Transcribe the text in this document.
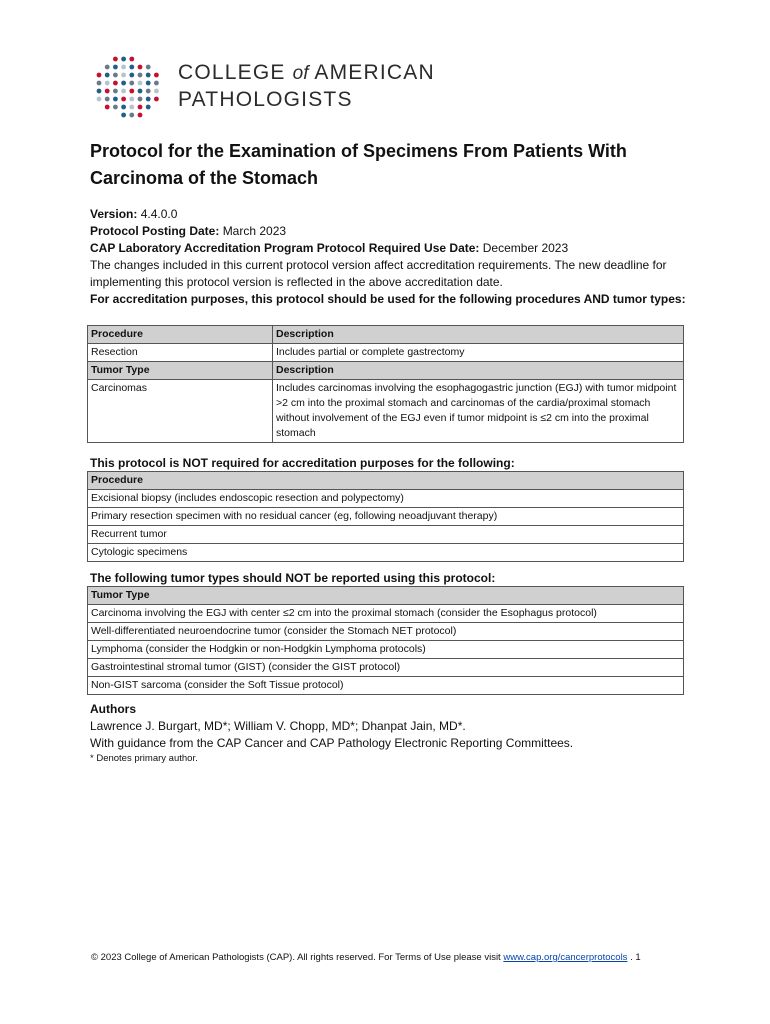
COLLEGE of AMERICAN
PATHOLOGISTS
Protocol for the Examination of Specimens From Patients With
Carcinoma of the Stomach
Version: 4.4.0.0
Protocol Posting Date: March 2023
CAP Laboratory Accreditation Program Protocol Required Use Date: December 2023
The changes included in this current protocol version affect accreditation requirements. The new deadline for implementing this protocol version is reflected in the above accreditation date.
For accreditation purposes, this protocol should be used for the following procedures AND tumor types:
Procedure	Description
Resection	Includes partial or complete gastrectomy
Tumor Type	Description
Carcinomas	Includes carcinomas involving the esophagogastric junction (EGJ) with tumor midpoint >2 cm into the proximal stomach and carcinomas of the cardia/proximal stomach without involvement of the EGJ even if tumor midpoint is ≤2 cm into the proximal stomach
This protocol is NOT required for accreditation purposes for the following:
Procedure
Excisional biopsy (includes endoscopic resection and polypectomy)
Primary resection specimen with no residual cancer (eg, following neoadjuvant therapy)
Recurrent tumor
Cytologic specimens
The following tumor types should NOT be reported using this protocol:
Tumor Type
Carcinoma involving the EGJ with center ≤2 cm into the proximal stomach (consider the Esophagus protocol)
Well-differentiated neuroendocrine tumor (consider the Stomach NET protocol)
Lymphoma (consider the Hodgkin or non-Hodgkin Lymphoma protocols)
Gastrointestinal stromal tumor (GIST) (consider the GIST protocol)
Non-GIST sarcoma (consider the Soft Tissue protocol)
Authors
Lawrence J. Burgart, MD*; William V. Chopp, MD*; Dhanpat Jain, MD*.
With guidance from the CAP Cancer and CAP Pathology Electronic Reporting Committees.
* Denotes primary author.
© 2023 College of American Pathologists (CAP). All rights reserved. For Terms of Use please visit www.cap.org/cancerprotocols . 1
